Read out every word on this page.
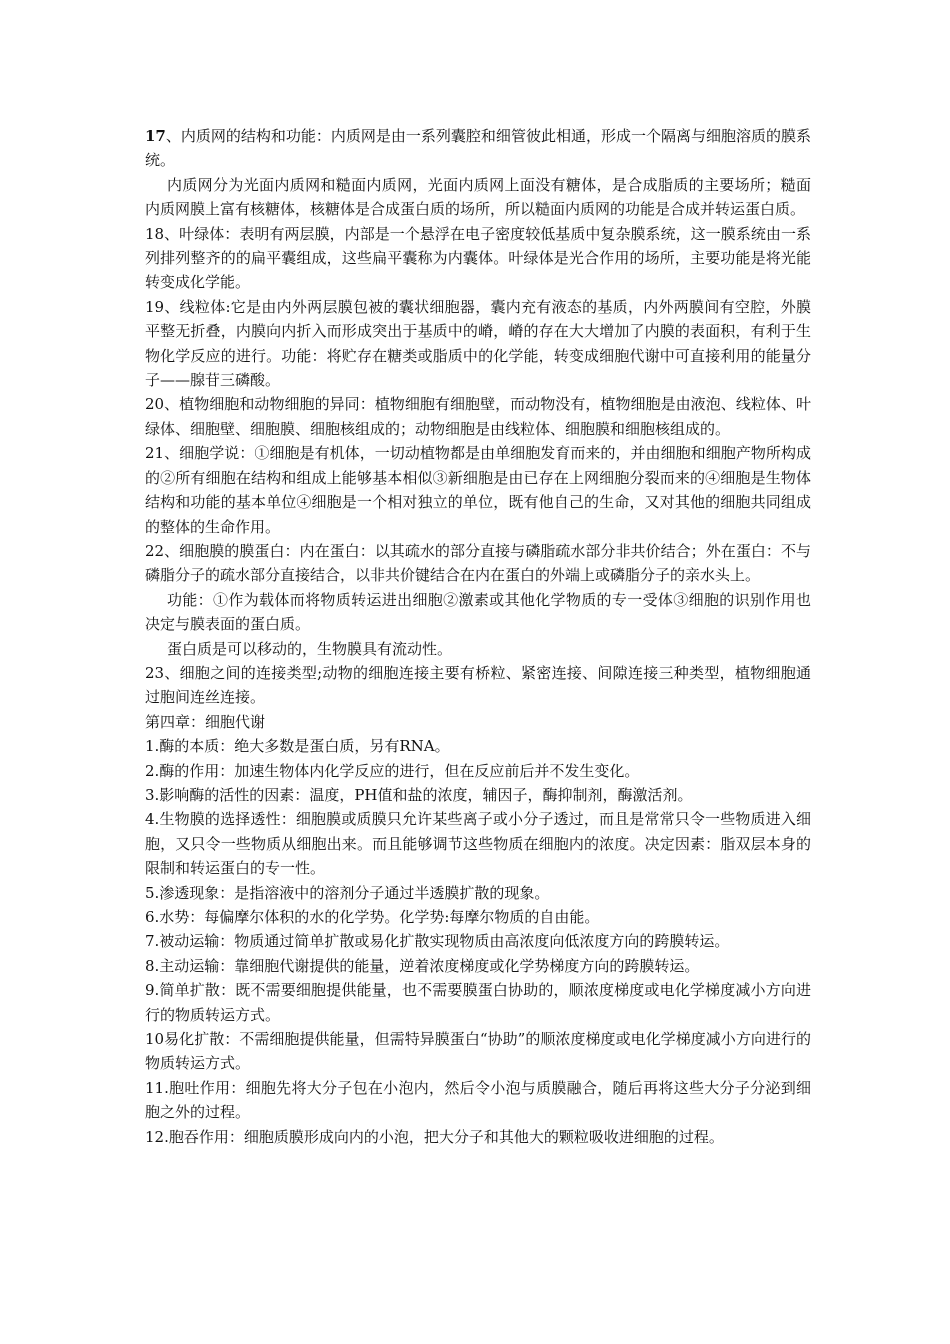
17、内质网的结构和功能：内质网是由一系列囊腔和细管彼此相通，形成一个隔离与细胞溶质的膜系统。

内质网分为光面内质网和糙面内质网，光面内质网上面没有糖体，是合成脂质的主要场所；糙面内质网膜上富有核糖体，核糖体是合成蛋白质的场所，所以糙面内质网的功能是合成并转运蛋白质。

18、叶绿体：表明有两层膜，内部是一个悬浮在电子密度较低基质中复杂膜系统，这一膜系统由一系列排列整齐的的扁平囊组成，这些扁平囊称为内囊体。叶绿体是光合作用的场所，主要功能是将光能转变成化学能。

19、线粒体:它是由内外两层膜包被的囊状细胞器，囊内充有液态的基质，内外两膜间有空腔，外膜平整无折叠，内膜向内折入而形成突出于基质中的嵴，嵴的存在大大增加了内膜的表面积，有利于生物化学反应的进行。功能：将贮存在糖类或脂质中的化学能，转变成细胞代谢中可直接利用的能量分子——腺苷三磷酸。

20、植物细胞和动物细胞的异同：植物细胞有细胞壁，而动物没有，植物细胞是由液泡、线粒体、叶绿体、细胞壁、细胞膜、细胞核组成的；动物细胞是由线粒体、细胞膜和细胞核组成的。

21、细胞学说：①细胞是有机体，一切动植物都是由单细胞发育而来的，并由细胞和细胞产物所构成的②所有细胞在结构和组成上能够基本相似③新细胞是由已存在上网细胞分裂而来的④细胞是生物体结构和功能的基本单位④细胞是一个相对独立的单位，既有他自己的生命，又对其他的细胞共同组成的整体的生命作用。

22、细胞膜的膜蛋白：内在蛋白：以其疏水的部分直接与磷脂疏水部分非共价结合；外在蛋白：不与磷脂分子的疏水部分直接结合，以非共价键结合在内在蛋白的外端上或磷脂分子的亲水头上。

功能：①作为载体而将物质转运进出细胞②激素或其他化学物质的专一受体③细胞的识别作用也决定与膜表面的蛋白质。

蛋白质是可以移动的，生物膜具有流动性。

23、细胞之间的连接类型;动物的细胞连接主要有桥粒、紧密连接、间隙连接三种类型，植物细胞通过胞间连丝连接。

第四章：细胞代谢

1.酶的本质：绝大多数是蛋白质，另有RNA。

2.酶的作用：加速生物体内化学反应的进行，但在反应前后并不发生变化。

3.影响酶的活性的因素：温度，PH值和盐的浓度，辅因子，酶抑制剂，酶激活剂。

4.生物膜的选择透性：细胞膜或质膜只允许某些离子或小分子透过，而且是常常只令一些物质进入细胞，又只令一些物质从细胞出来。而且能够调节这些物质在细胞内的浓度。决定因素：脂双层本身的限制和转运蛋白的专一性。

5.渗透现象：是指溶液中的溶剂分子通过半透膜扩散的现象。

6.水势：每偏摩尔体积的水的化学势。化学势:每摩尔物质的自由能。

7.被动运输：物质通过简单扩散或易化扩散实现物质由高浓度向低浓度方向的跨膜转运。

8.主动运输：靠细胞代谢提供的能量，逆着浓度梯度或化学势梯度方向的跨膜转运。

9.简单扩散：既不需要细胞提供能量，也不需要膜蛋白协助的，顺浓度梯度或电化学梯度减小方向进行的物质转运方式。

10易化扩散：不需细胞提供能量，但需特异膜蛋白“协助”的顺浓度梯度或电化学梯度减小方向进行的物质转运方式。

11.胞吐作用：细胞先将大分子包在小泡内，然后令小泡与质膜融合，随后再将这些大分子分泌到细胞之外的过程。

12.胞吞作用：细胞质膜形成向内的小泡，把大分子和其他大的颗粒吸收进细胞的过程。
